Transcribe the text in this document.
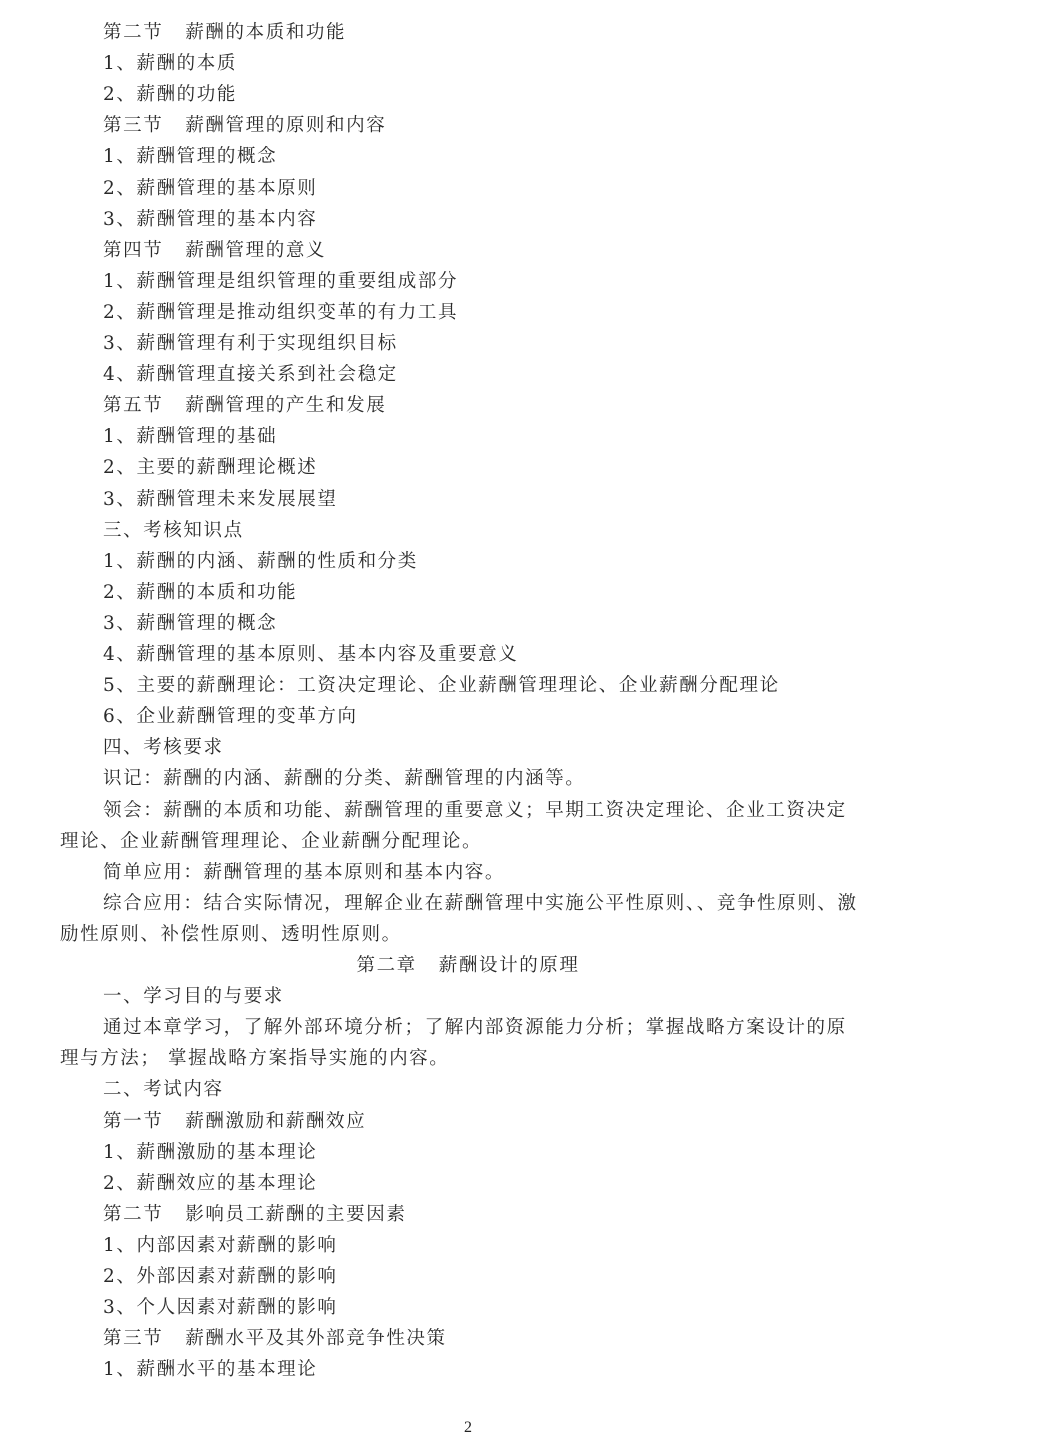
第二节 薪酬的本质和功能

1、薪酬的本质

2、薪酬的功能

第三节 薪酬管理的原则和内容

1、薪酬管理的概念

2、薪酬管理的基本原则

3、薪酬管理的基本内容

第四节 薪酬管理的意义

1、薪酬管理是组织管理的重要组成部分

2、薪酬管理是推动组织变革的有力工具

3、薪酬管理有利于实现组织目标

4、薪酬管理直接关系到社会稳定

第五节 薪酬管理的产生和发展

1、薪酬管理的基础

2、主要的薪酬理论概述

3、薪酬管理未来发展展望

三、考核知识点

1、薪酬的内涵、薪酬的性质和分类

2、薪酬的本质和功能

3、薪酬管理的概念

4、薪酬管理的基本原则、基本内容及重要意义

5、主要的薪酬理论：工资决定理论、企业薪酬管理理论、企业薪酬分配理论

6、企业薪酬管理的变革方向

四、考核要求

识记：薪酬的内涵、薪酬的分类、薪酬管理的内涵等。

领会：薪酬的本质和功能、薪酬管理的重要意义；早期工资决定理论、企业工资决定

理论、企业薪酬管理理论、企业薪酬分配理论。

简单应用：薪酬管理的基本原则和基本内容。

综合应用：结合实际情况，理解企业在薪酬管理中实施公平性原则、、竞争性原则、激

励性原则、补偿性原则、透明性原则。

第二章 薪酬设计的原理

一、学习目的与要求

通过本章学习，了解外部环境分析；了解内部资源能力分析；掌握战略方案设计的原

理与方法； 掌握战略方案指导实施的内容。

二、考试内容

第一节 薪酬激励和薪酬效应

1、薪酬激励的基本理论

2、薪酬效应的基本理论

第二节 影响员工薪酬的主要因素

1、内部因素对薪酬的影响

2、外部因素对薪酬的影响

3、个人因素对薪酬的影响

第三节 薪酬水平及其外部竞争性决策

1、薪酬水平的基本理论

2
